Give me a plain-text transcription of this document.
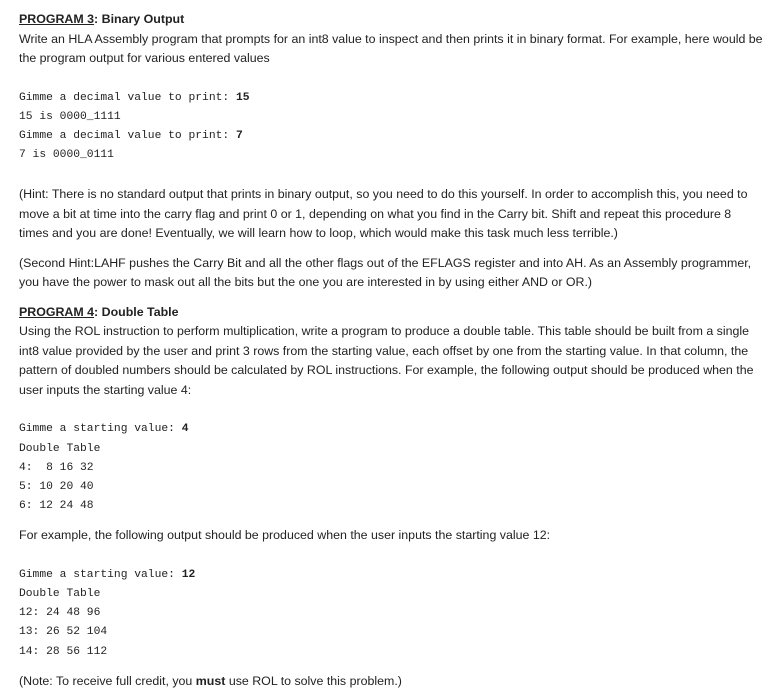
PROGRAM 3: Binary Output

Write an HLA Assembly program that prompts for an int8 value to inspect and then prints it in binary format. For example, here would be the program output for various entered values

Gimme a decimal value to print: 15

15 is 0000_1111

Gimme a decimal value to print: 7

7 is 0000_0111

(Hint: There is no standard output that prints in binary output, so you need to do this yourself. In order to accomplish this, you need to move a bit at time into the carry flag and print 0 or 1, depending on what you find in the Carry bit. Shift and repeat this procedure 8 times and you are done! Eventually, we will learn how to loop, which would make this task much less terrible.)

(Second Hint:LAHF pushes the Carry Bit and all the other flags out of the EFLAGS register and into AH. As an Assembly programmer, you have the power to mask out all the bits but the one you are interested in by using either AND or OR.)

PROGRAM 4: Double Table

Using the ROL instruction to perform multiplication, write a program to produce a double table. This table should be built from a single int8 value provided by the user and print 3 rows from the starting value, each offset by one from the starting value. In that column, the pattern of doubled numbers should be calculated by ROL instructions. For example, the following output should be produced when the user inputs the starting value 4:

Gimme a starting value: 4

Double Table

4:  8 16 32

5: 10 20 40

6: 12 24 48

For example, the following output should be produced when the user inputs the starting value 12:

Gimme a starting value: 12

Double Table

12: 24 48 96

13: 26 52 104

14: 28 56 112

(Note: To receive full credit, you must use ROL to solve this problem.)
